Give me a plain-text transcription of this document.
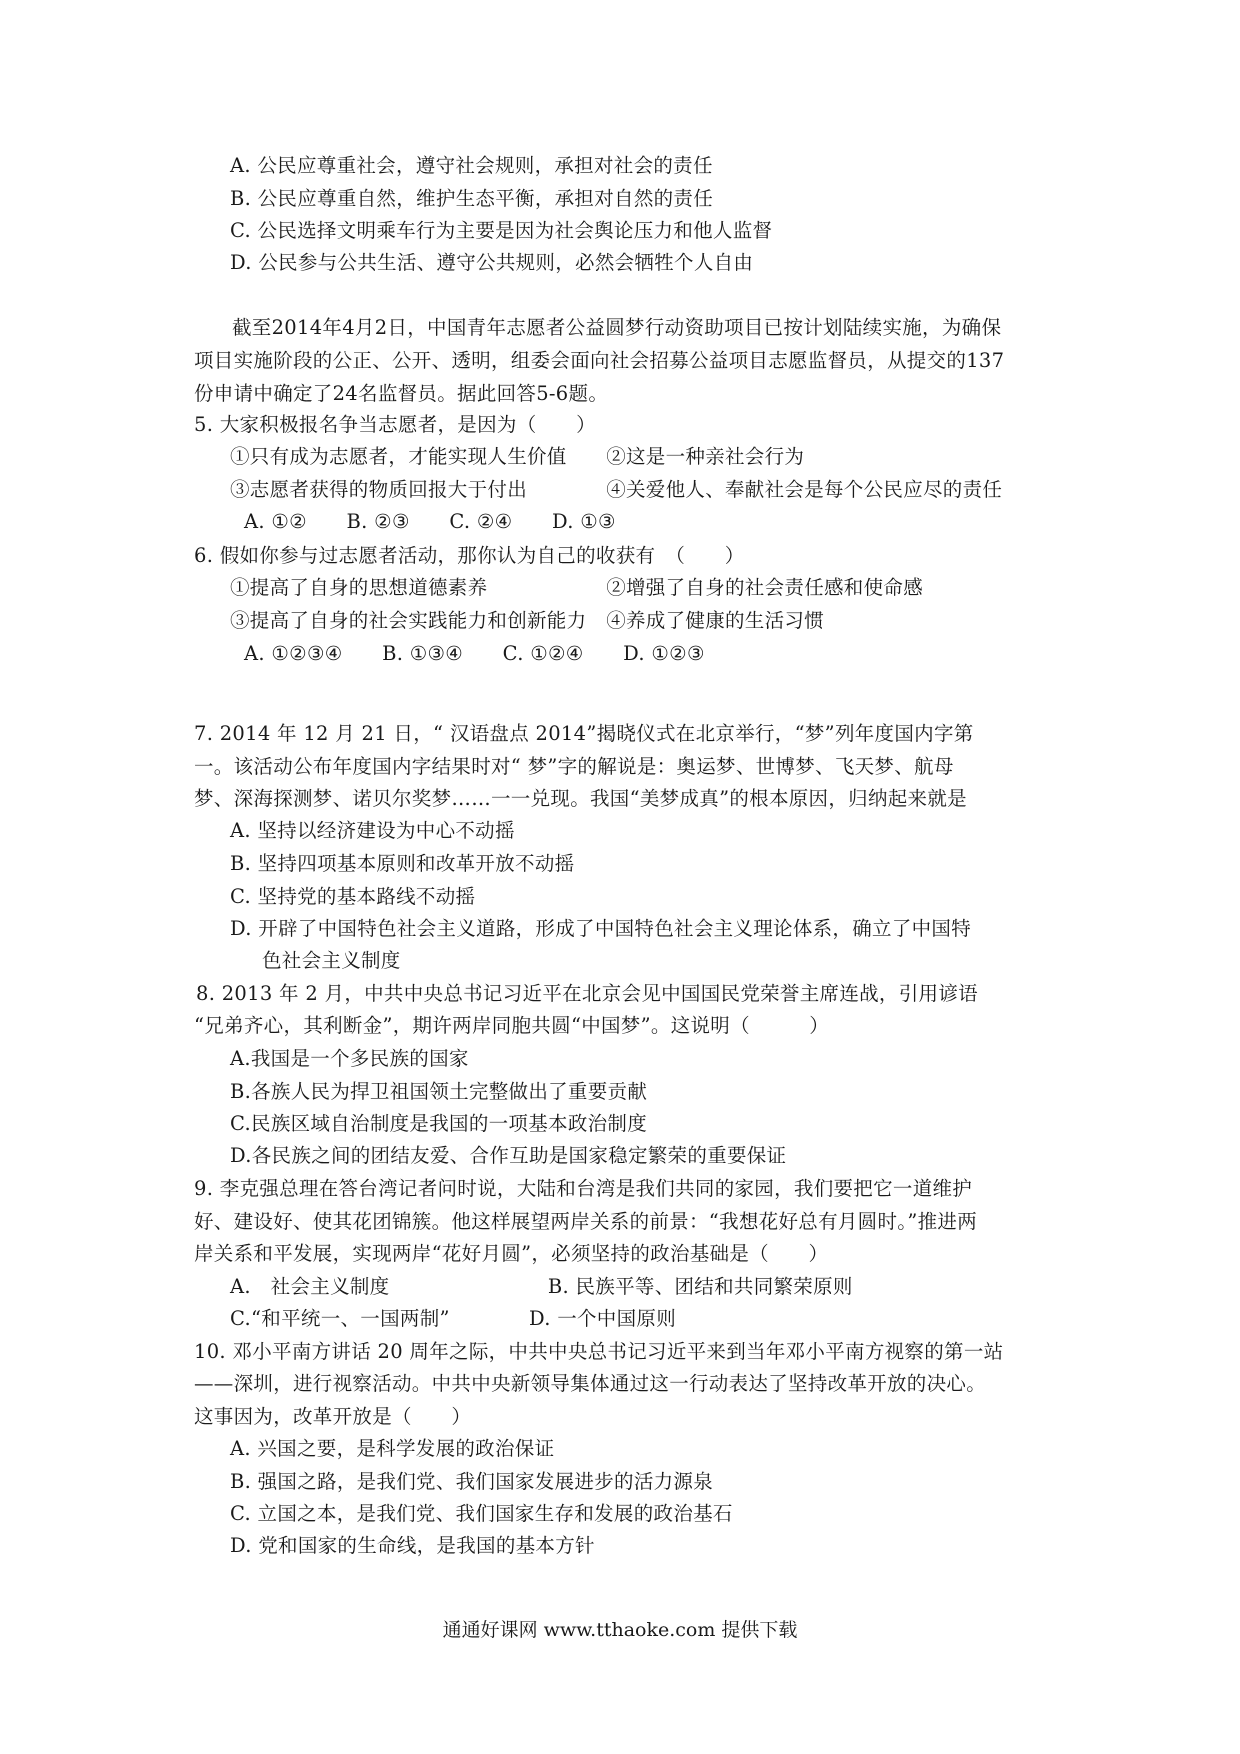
A. 公民应尊重社会，遵守社会规则，承担对社会的责任
B. 公民应尊重自然，维护生态平衡，承担对自然的责任
C. 公民选择文明乘车行为主要是因为社会舆论压力和他人监督
D. 公民参与公共生活、遵守公共规则，必然会牺牲个人自由
截至2014年4月2日，中国青年志愿者公益圆梦行动资助项目已按计划陆续实施，为确保
项目实施阶段的公正、公开、透明，组委会面向社会招募公益项目志愿监督员，从提交的137
份申请中确定了24名监督员。据此回答5-6题。
5. 大家积极报名争当志愿者，是因为（　　）
①只有成为志愿者，才能实现人生价值　　②这是一种亲社会行为
③志愿者获得的物质回报大于付出　　　　④关爱他人、奉献社会是每个公民应尽的责任
A. ①②　　B. ②③　　C. ②④　　D. ①③
6. 假如你参与过志愿者活动，那你认为自己的收获有　（　　）
①提高了自身的思想道德素养　　　　　　②增强了自身的社会责任感和使命感
③提高了自身的社会实践能力和创新能力　④养成了健康的生活习惯
A. ①②③④　　B. ①③④　　C. ①②④　　D. ①②③
7. 2014 年 12 月 21 日，“ 汉语盘点 2014”揭晓仪式在北京举行，“梦”列年度国内字第
一。该活动公布年度国内字结果时对“ 梦”字的解说是：奥运梦、世博梦、飞天梦、航母
梦、深海探测梦、诺贝尔奖梦……一一兑现。我国“美梦成真”的根本原因，归纳起来就是
A. 坚持以经济建设为中心不动摇
B. 坚持四项基本原则和改革开放不动摇
C. 坚持党的基本路线不动摇
D. 开辟了中国特色社会主义道路，形成了中国特色社会主义理论体系，确立了中国特
色社会主义制度
8. 2013 年 2 月，中共中央总书记习近平在北京会见中国国民党荣誉主席连战，引用谚语
“兄弟齐心，其利断金”，期许两岸同胞共圆“中国梦”。这说明（　　　）
A.我国是一个多民族的国家
B.各族人民为捍卫祖国领土完整做出了重要贡献
C.民族区域自治制度是我国的一项基本政治制度
D.各民族之间的团结友爱、合作互助是国家稳定繁荣的重要保证
9. 李克强总理在答台湾记者问时说，大陆和台湾是我们共同的家园，我们要把它一道维护
好、建设好、使其花团锦簇。他这样展望两岸关系的前景：“我想花好总有月圆时。”推进两
岸关系和平发展，实现两岸“花好月圆”，必须坚持的政治基础是（　　）
A.　社会主义制度　　　　　　　　B. 民族平等、团结和共同繁荣原则
C.“和平统一、一国两制”　　　　D. 一个中国原则
10. 邓小平南方讲话 20 周年之际，中共中央总书记习近平来到当年邓小平南方视察的第一站
——深圳，进行视察活动。中共中央新领导集体通过这一行动表达了坚持改革开放的决心。
这事因为，改革开放是（　　）
A. 兴国之要，是科学发展的政治保证
B. 强国之路，是我们党、我们国家发展进步的活力源泉
C. 立国之本，是我们党、我们国家生存和发展的政治基石
D. 党和国家的生命线，是我国的基本方针
通通好课网 www.tthaoke.com 提供下载
